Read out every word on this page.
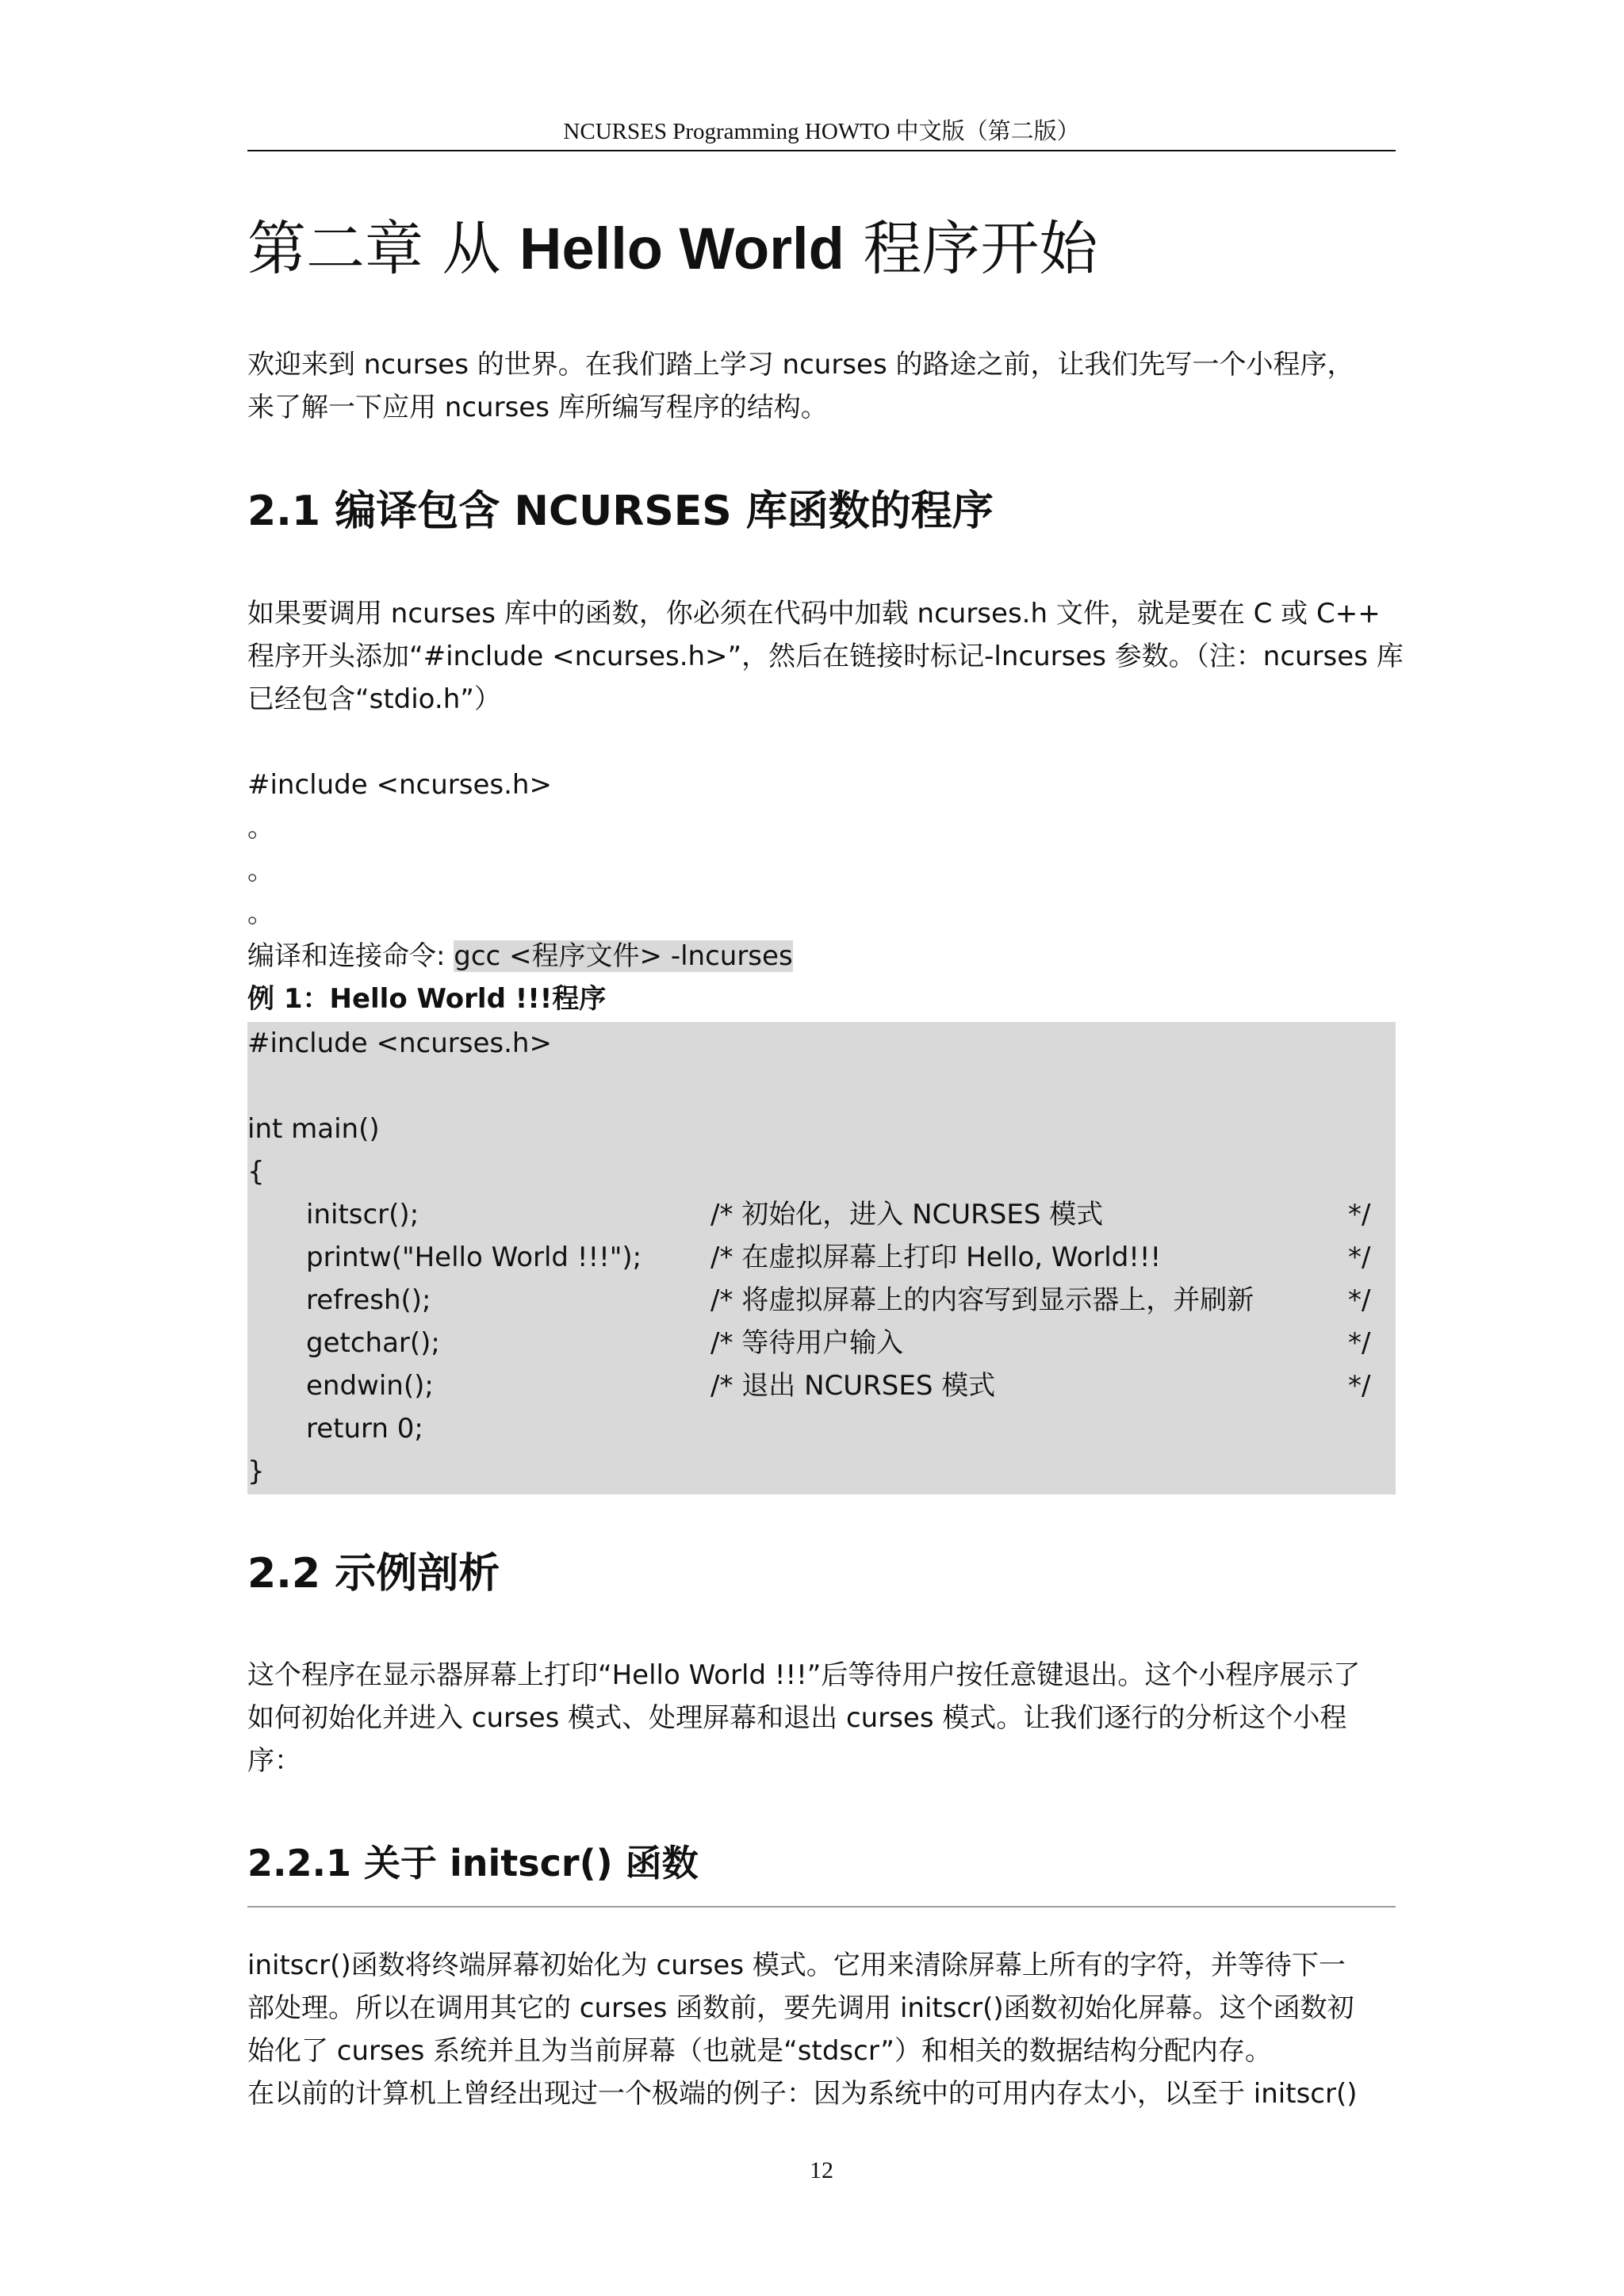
NCURSES Programming HOWTO 中文版（第二版）
第二章 从 Hello World 程序开始
欢迎来到 ncurses 的世界。在我们踏上学习 ncurses 的路途之前，让我们先写一个小程序，
来了解一下应用 ncurses 库所编写程序的结构。
2.1 编译包含 NCURSES 库函数的程序
如果要调用 ncurses 库中的函数，你必须在代码中加载 ncurses.h 文件，就是要在 C 或 C++
程序开头添加“#include <ncurses.h>”，然后在链接时标记-lncurses 参数。（注：ncurses 库
已经包含“stdio.h”）
#include <ncurses.h>
。
。
。
编译和连接命令: gcc <程序文件> -lncurses
例 1：Hello World !!!程序
#include <ncurses.h>
int main()
{
initscr();	/* 初始化，进入 NCURSES 模式	*/
printw("Hello World !!!");	/* 在虚拟屏幕上打印 Hello, World!!!	*/
refresh();	/* 将虚拟屏幕上的内容写到显示器上，并刷新	*/
getchar();	/* 等待用户输入	*/
endwin();	/* 退出 NCURSES 模式	*/
return 0;
}
2.2 示例剖析
这个程序在显示器屏幕上打印“Hello World !!!”后等待用户按任意键退出。这个小程序展示了
如何初始化并进入 curses 模式、处理屏幕和退出 curses 模式。让我们逐行的分析这个小程
序：
2.2.1 关于 initscr() 函数
initscr()函数将终端屏幕初始化为 curses 模式。它用来清除屏幕上所有的字符，并等待下一
部处理。所以在调用其它的 curses 函数前，要先调用 initscr()函数初始化屏幕。这个函数初
始化了 curses 系统并且为当前屏幕（也就是“stdscr”）和相关的数据结构分配内存。
在以前的计算机上曾经出现过一个极端的例子：因为系统中的可用内存太小，以至于 initscr()
12
